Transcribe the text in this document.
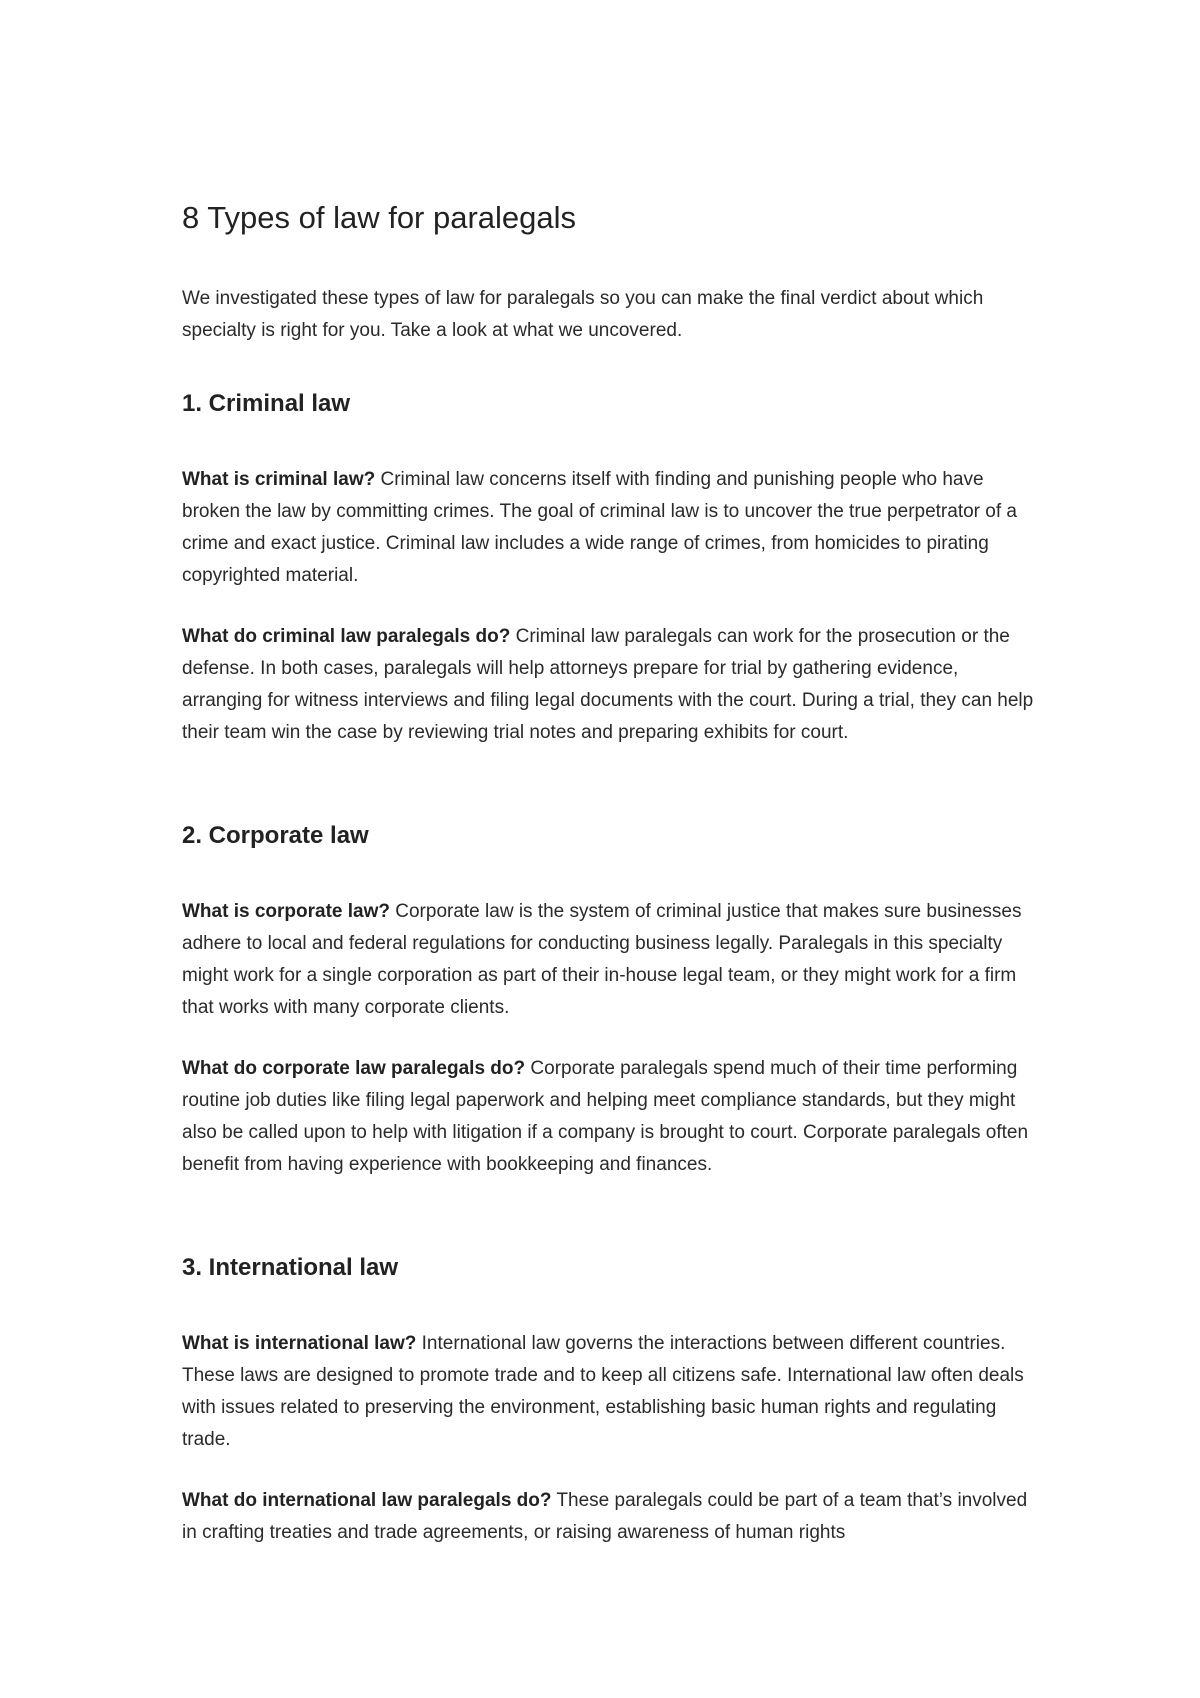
8 Types of law for paralegals

We investigated these types of law for paralegals so you can make the final verdict about which specialty is right for you. Take a look at what we uncovered.

1. Criminal law

What is criminal law? Criminal law concerns itself with finding and punishing people who have broken the law by committing crimes. The goal of criminal law is to uncover the true perpetrator of a crime and exact justice. Criminal law includes a wide range of crimes, from homicides to pirating copyrighted material.

What do criminal law paralegals do? Criminal law paralegals can work for the prosecution or the defense. In both cases, paralegals will help attorneys prepare for trial by gathering evidence, arranging for witness interviews and filing legal documents with the court. During a trial, they can help their team win the case by reviewing trial notes and preparing exhibits for court.

2. Corporate law

What is corporate law? Corporate law is the system of criminal justice that makes sure businesses adhere to local and federal regulations for conducting business legally. Paralegals in this specialty might work for a single corporation as part of their in-house legal team, or they might work for a firm that works with many corporate clients.

What do corporate law paralegals do? Corporate paralegals spend much of their time performing routine job duties like filing legal paperwork and helping meet compliance standards, but they might also be called upon to help with litigation if a company is brought to court. Corporate paralegals often benefit from having experience with bookkeeping and finances.

3. International law

What is international law? International law governs the interactions between different countries. These laws are designed to promote trade and to keep all citizens safe. International law often deals with issues related to preserving the environment, establishing basic human rights and regulating trade.

What do international law paralegals do? These paralegals could be part of a team that’s involved in crafting treaties and trade agreements, or raising awareness of human rights
